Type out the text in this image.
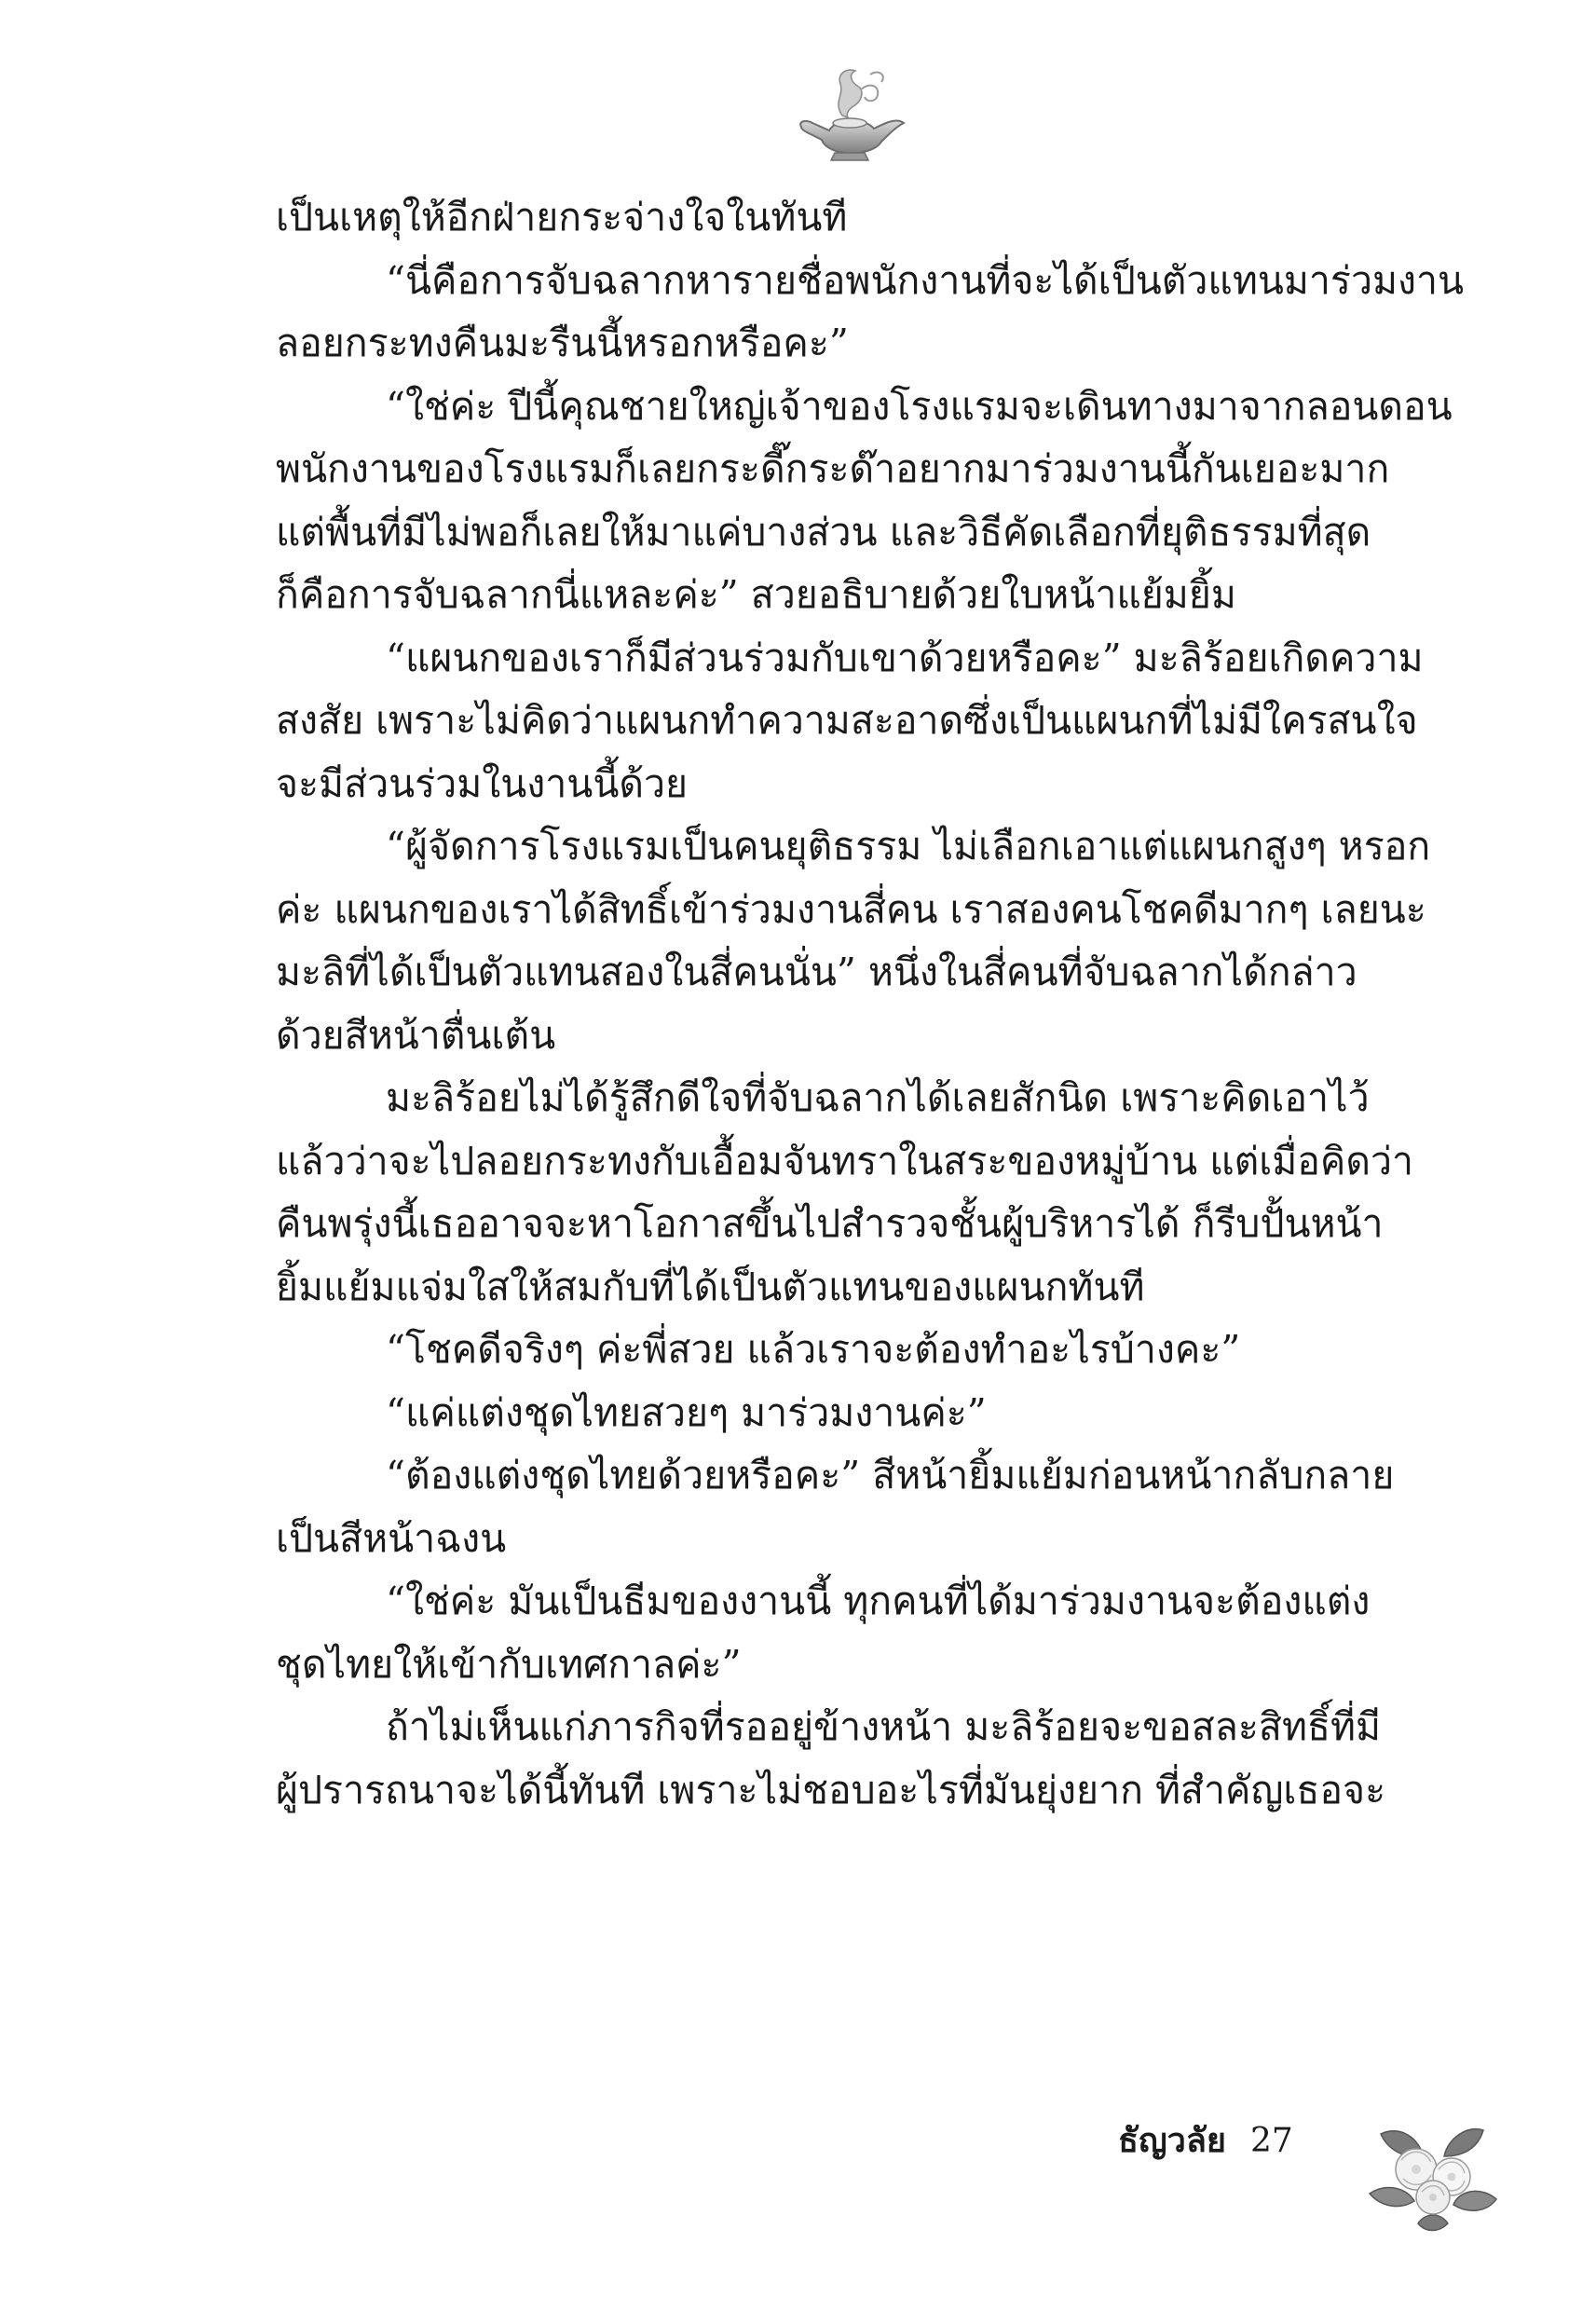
เป็นเหตุให้อีกฝ่ายกระจ่างใจในทันที
“นี่คือการจับฉลากหารายชื่อพนักงานที่จะได้เป็นตัวแทนมาร่วมงาน
ลอยกระทงคืนมะรืนนี้หรอกหรือคะ”
“ใช่ค่ะ ปีนี้คุณชายใหญ่เจ้าของโรงแรมจะเดินทางมาจากลอนดอน
พนักงานของโรงแรมก็เลยกระดี๊กระด๊าอยากมาร่วมงานนี้กันเยอะมาก
แต่พื้นที่มีไม่พอก็เลยให้มาแค่บางส่วน และวิธีคัดเลือกที่ยุติธรรมที่สุด
ก็คือการจับฉลากนี่แหละค่ะ” สวยอธิบายด้วยใบหน้าแย้มยิ้ม
“แผนกของเราก็มีส่วนร่วมกับเขาด้วยหรือคะ” มะลิร้อยเกิดความ
สงสัย เพราะไม่คิดว่าแผนกทำความสะอาดซึ่งเป็นแผนกที่ไม่มีใครสนใจ
จะมีส่วนร่วมในงานนี้ด้วย
“ผู้จัดการโรงแรมเป็นคนยุติธรรม ไม่เลือกเอาแต่แผนกสูงๆ หรอก
ค่ะ แผนกของเราได้สิทธิ์เข้าร่วมงานสี่คน เราสองคนโชคดีมากๆ เลยนะ
มะลิที่ได้เป็นตัวแทนสองในสี่คนนั่น” หนึ่งในสี่คนที่จับฉลากได้กล่าว
ด้วยสีหน้าตื่นเต้น
มะลิร้อยไม่ได้รู้สึกดีใจที่จับฉลากได้เลยสักนิด เพราะคิดเอาไว้
แล้วว่าจะไปลอยกระทงกับเอื้อมจันทราในสระของหมู่บ้าน แต่เมื่อคิดว่า
คืนพรุ่งนี้เธออาจจะหาโอกาสขึ้นไปสำรวจชั้นผู้บริหารได้ ก็รีบปั้นหน้า
ยิ้มแย้มแจ่มใสให้สมกับที่ได้เป็นตัวแทนของแผนกทันที
“โชคดีจริงๆ ค่ะพี่สวย แล้วเราจะต้องทำอะไรบ้างคะ”
“แค่แต่งชุดไทยสวยๆ มาร่วมงานค่ะ”
“ต้องแต่งชุดไทยด้วยหรือคะ” สีหน้ายิ้มแย้มก่อนหน้ากลับกลาย
เป็นสีหน้าฉงน
“ใช่ค่ะ มันเป็นธีมของงานนี้ ทุกคนที่ได้มาร่วมงานจะต้องแต่ง
ชุดไทยให้เข้ากับเทศกาลค่ะ”
ถ้าไม่เห็นแก่ภารกิจที่รออยู่ข้างหน้า มะลิร้อยจะขอสละสิทธิ์ที่มี
ผู้ปรารถนาจะได้นี้ทันที เพราะไม่ชอบอะไรที่มันยุ่งยาก ที่สำคัญเธอจะ
ธัญวลัย 27
